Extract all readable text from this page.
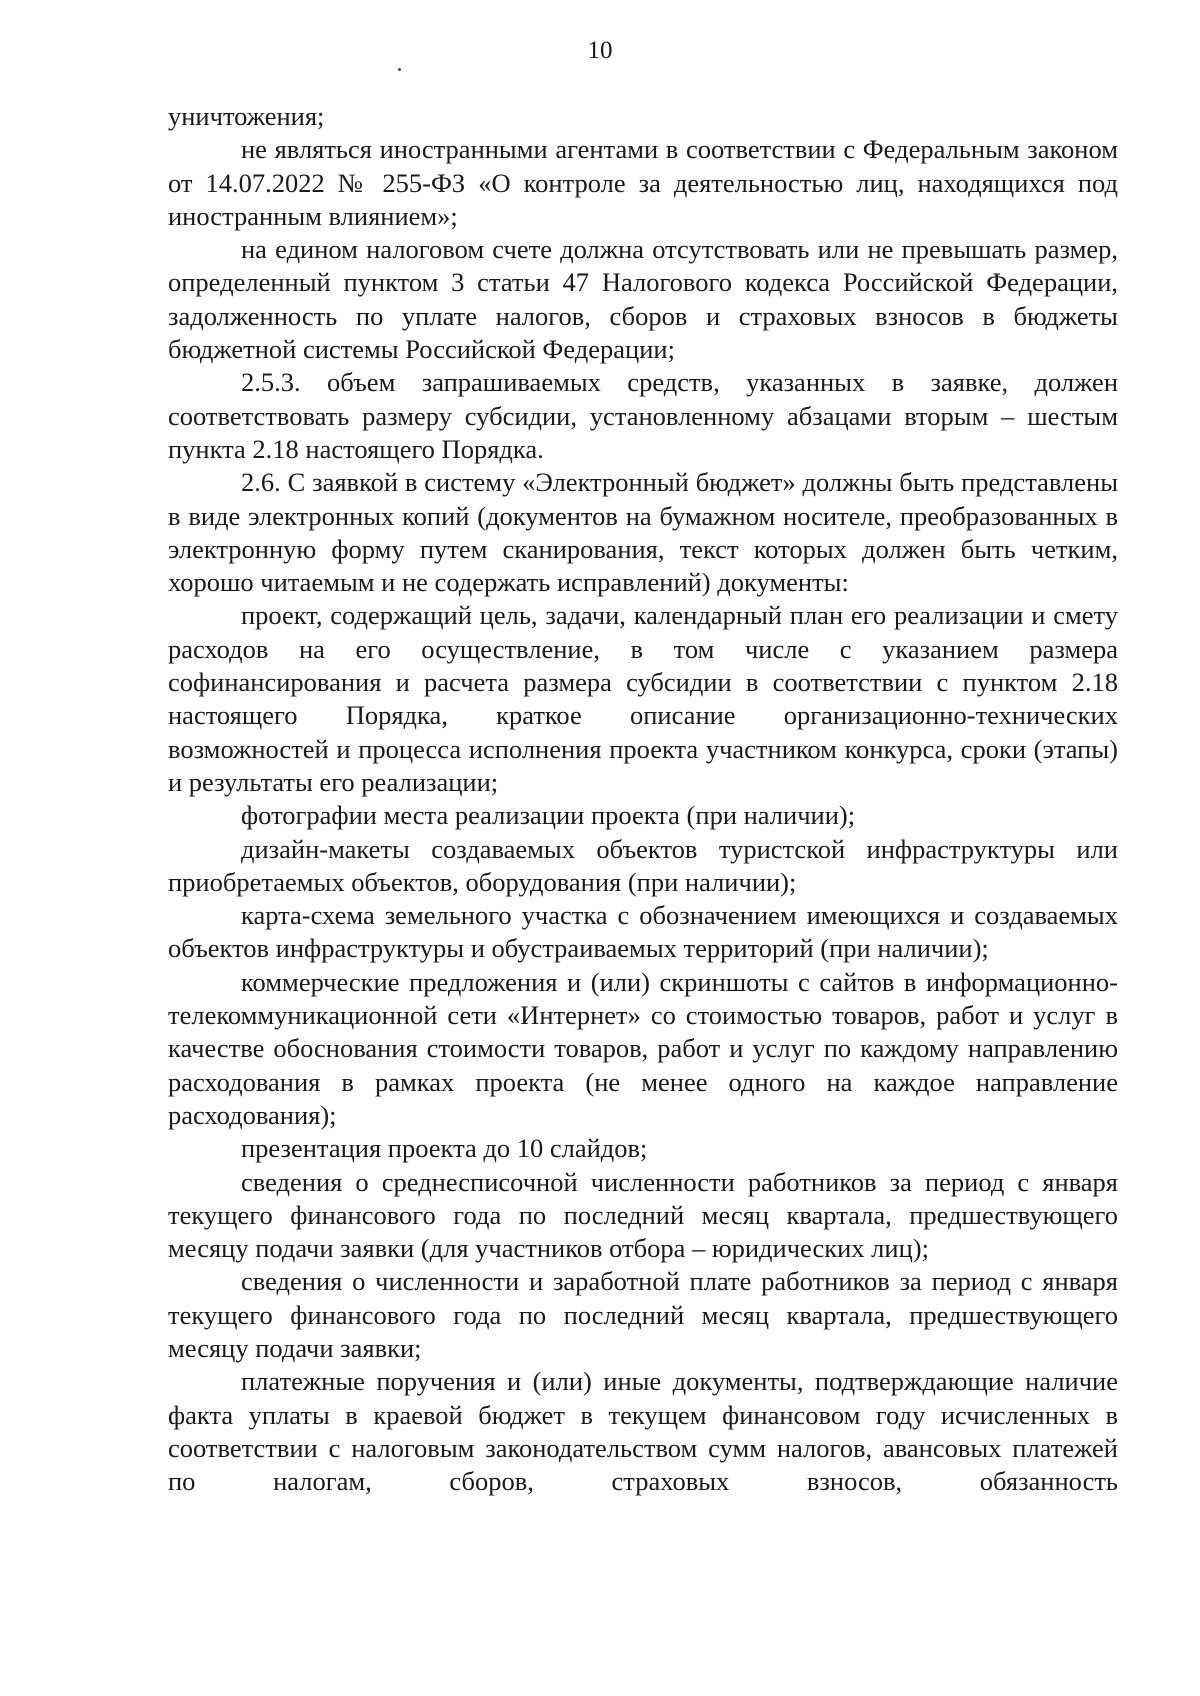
10

уничтожения;

не являться иностранными агентами в соответствии с Федеральным законом от 14.07.2022 № 255-ФЗ «О контроле за деятельностью лиц, находящихся под иностранным влиянием»;

на едином налоговом счете должна отсутствовать или не превышать размер, определенный пунктом 3 статьи 47 Налогового кодекса Российской Федерации, задолженность по уплате налогов, сборов и страховых взносов в бюджеты бюджетной системы Российской Федерации;

2.5.3. объем запрашиваемых средств, указанных в заявке, должен соответствовать размеру субсидии, установленному абзацами вторым – шестым пункта 2.18 настоящего Порядка.

2.6. С заявкой в систему «Электронный бюджет» должны быть представлены в виде электронных копий (документов на бумажном носителе, преобразованных в электронную форму путем сканирования, текст которых должен быть четким, хорошо читаемым и не содержать исправлений) документы:

проект, содержащий цель, задачи, календарный план его реализации и смету расходов на его осуществление, в том числе с указанием размера софинансирования и расчета размера субсидии в соответствии с пунктом 2.18 настоящего Порядка, краткое описание организационно-технических возможностей и процесса исполнения проекта участником конкурса, сроки (этапы) и результаты его реализации;

фотографии места реализации проекта (при наличии);

дизайн-макеты создаваемых объектов туристской инфраструктуры или приобретаемых объектов, оборудования (при наличии);

карта-схема земельного участка с обозначением имеющихся и создаваемых объектов инфраструктуры и обустраиваемых территорий (при наличии);

коммерческие предложения и (или) скриншоты с сайтов в информационно-телекоммуникационной сети «Интернет» со стоимостью товаров, работ и услуг в качестве обоснования стоимости товаров, работ и услуг по каждому направлению расходования в рамках проекта (не менее одного на каждое направление расходования);

презентация проекта до 10 слайдов;

сведения о среднесписочной численности работников за период с января текущего финансового года по последний месяц квартала, предшествующего месяцу подачи заявки (для участников отбора – юридических лиц);

сведения о численности и заработной плате работников за период с января текущего финансового года по последний месяц квартала, предшествующего месяцу подачи заявки;

платежные поручения и (или) иные документы, подтверждающие наличие факта уплаты в краевой бюджет в текущем финансовом году исчисленных в соответствии с налоговым законодательством сумм налогов, авансовых платежей по налогам, сборов, страховых взносов, обязанность
